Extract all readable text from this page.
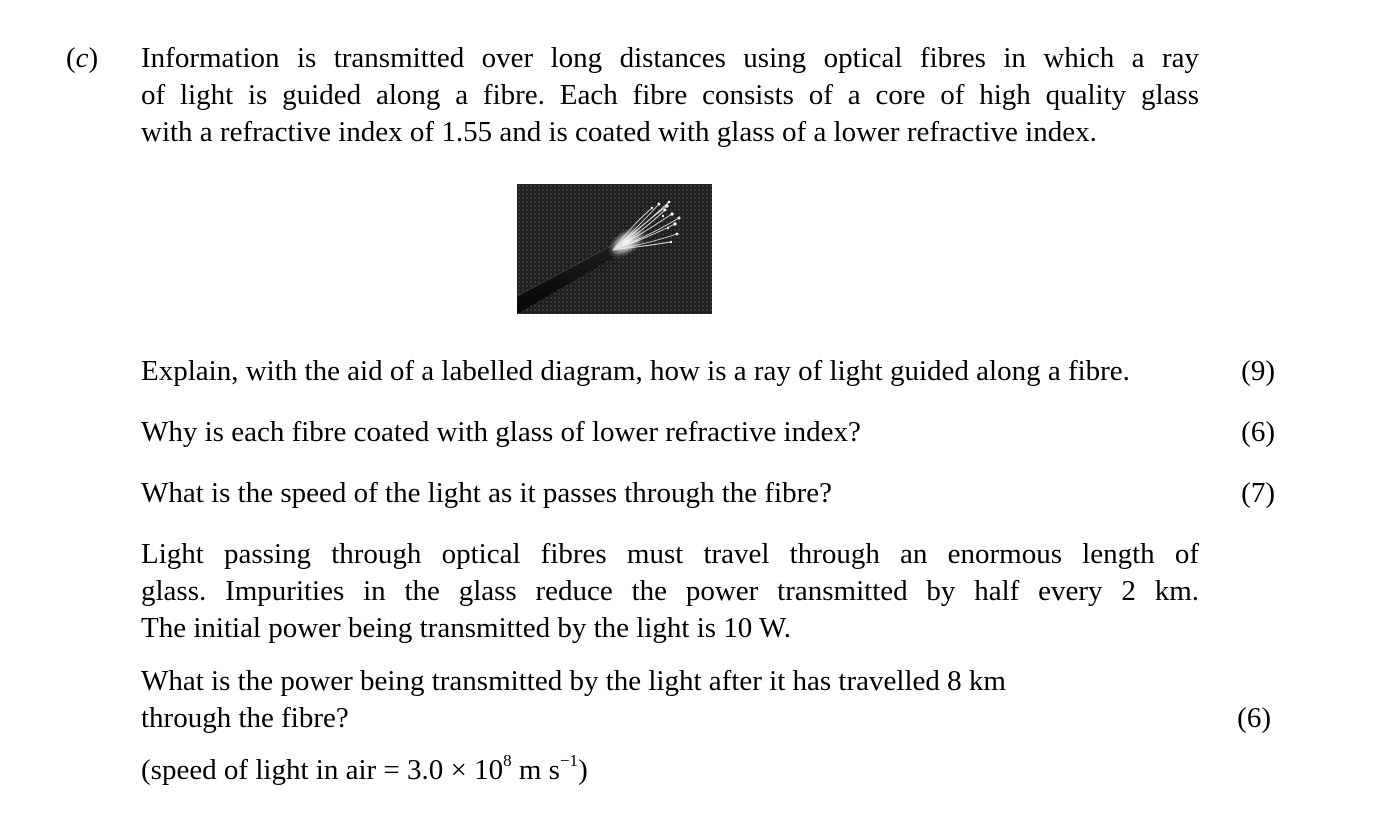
(c) Information is transmitted over long distances using optical fibres in which a ray
of light is guided along a fibre. Each fibre consists of a core of high quality glass
with a refractive index of 1.55 and is coated with glass of a lower refractive index.
Explain, with the aid of a labelled diagram, how is a ray of light guided along a fibre.	(9)
Why is each fibre coated with glass of lower refractive index?	(6)
What is the speed of the light as it passes through the fibre?	(7)
Light passing through optical fibres must travel through an enormous length of
glass. Impurities in the glass reduce the power transmitted by half every 2 km.
The initial power being transmitted by the light is 10 W.
What is the power being transmitted by the light after it has travelled 8 km
through the fibre?	(6)
(speed of light in air = $3.0 \times 10^8$ m $s^{-1}$)
